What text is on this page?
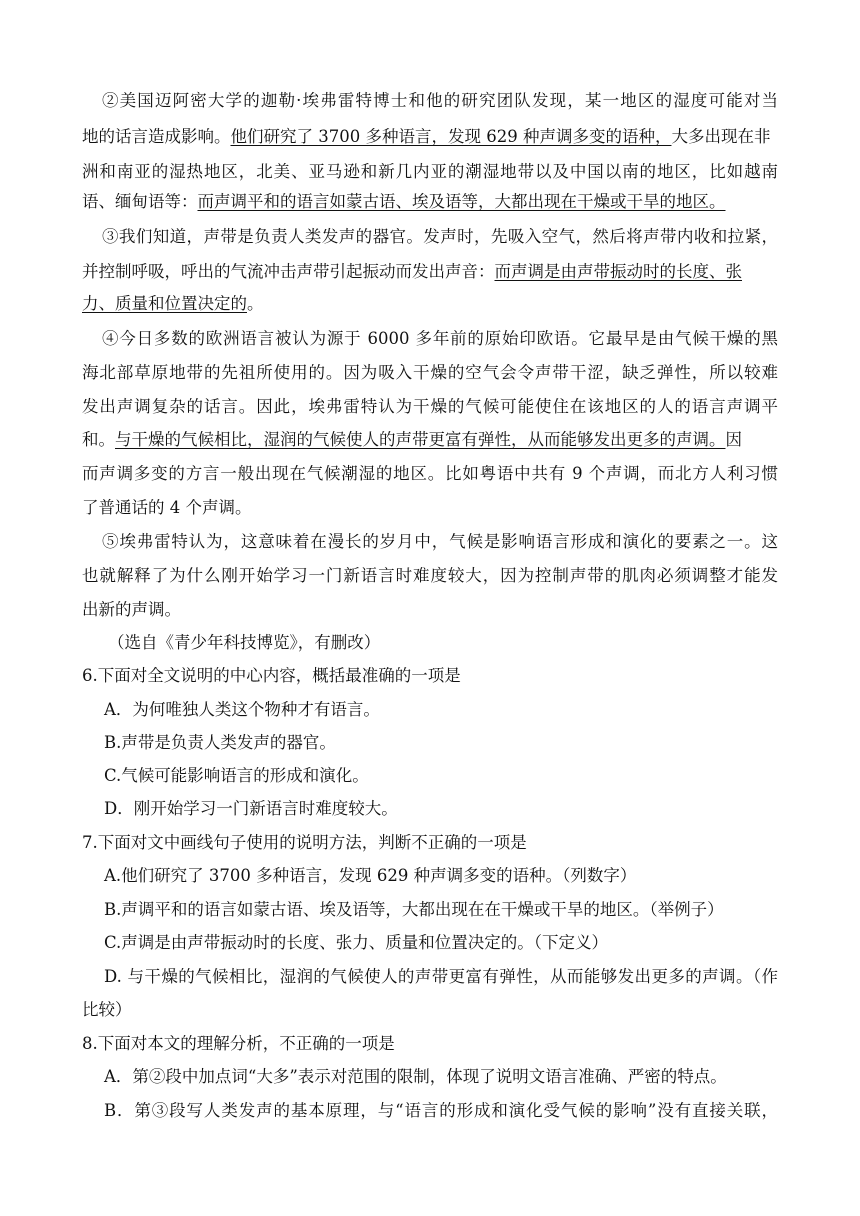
②美国迈阿密大学的迦勒·埃弗雷特博士和他的研究团队发现，某一地区的湿度可能对当
地的话言造成影响。他们研究了 3700 多种语言，发现 629 种声调多变的语种，大多出现在非
洲和南亚的湿热地区，北美、亚马逊和新几内亚的潮湿地带以及中国以南的地区，比如越南
语、缅甸语等：而声调平和的语言如蒙古语、埃及语等，大都出现在干燥或干旱的地区。
③我们知道，声带是负责人类发声的器官。发声时，先吸入空气，然后将声带内收和拉紧，
并控制呼吸，呼出的气流冲击声带引起振动而发出声音：而声调是由声带振动时的长度、张
力、质量和位置决定的。
④今日多数的欧洲语言被认为源于 6000 多年前的原始印欧语。它最早是由气候干燥的黑
海北部草原地带的先祖所使用的。因为吸入干燥的空气会令声带干涩，缺乏弹性，所以较难
发出声调复杂的话言。因此，埃弗雷特认为干燥的气候可能使住在该地区的人的语言声调平
和。与干燥的气候相比，湿润的气候使人的声带更富有弹性，从而能够发出更多的声调。因
而声调多变的方言一般出现在气候潮湿的地区。比如粤语中共有 9 个声调，而北方人利习惯
了普通话的 4 个声调。
⑤埃弗雷特认为，这意味着在漫长的岁月中，气候是影响语言形成和演化的要素之一。这
也就解释了为什么刚开始学习一门新语言时难度较大，因为控制声带的肌肉必须调整才能发
出新的声调。
（选自《青少年科技博览》，有删改）
6.下面对全文说明的中心内容，概括最准确的一项是
A．为何唯独人类这个物种才有语言。
B.声带是负责人类发声的器官。
C.气候可能影响语言的形成和演化。
D．刚开始学习一门新语言时难度较大。
7.下面对文中画线句子使用的说明方法，判断不正确的一项是
A.他们研究了 3700 多种语言，发现 629 种声调多变的语种。（列数字）
B.声调平和的语言如蒙古语、埃及语等，大都出现在在干燥或干旱的地区。（举例子）
C.声调是由声带振动时的长度、张力、质量和位置决定的。（下定义）
D. 与干燥的气候相比，湿润的气候使人的声带更富有弹性，从而能够发出更多的声调。（作
比较）
8.下面对本文的理解分析，不正确的一项是
A．第②段中加点词“大多”表示对范围的限制，体现了说明文语言准确、严密的特点。
B．第③段写人类发声的基本原理，与“语言的形成和演化受气候的影响”没有直接关联，
